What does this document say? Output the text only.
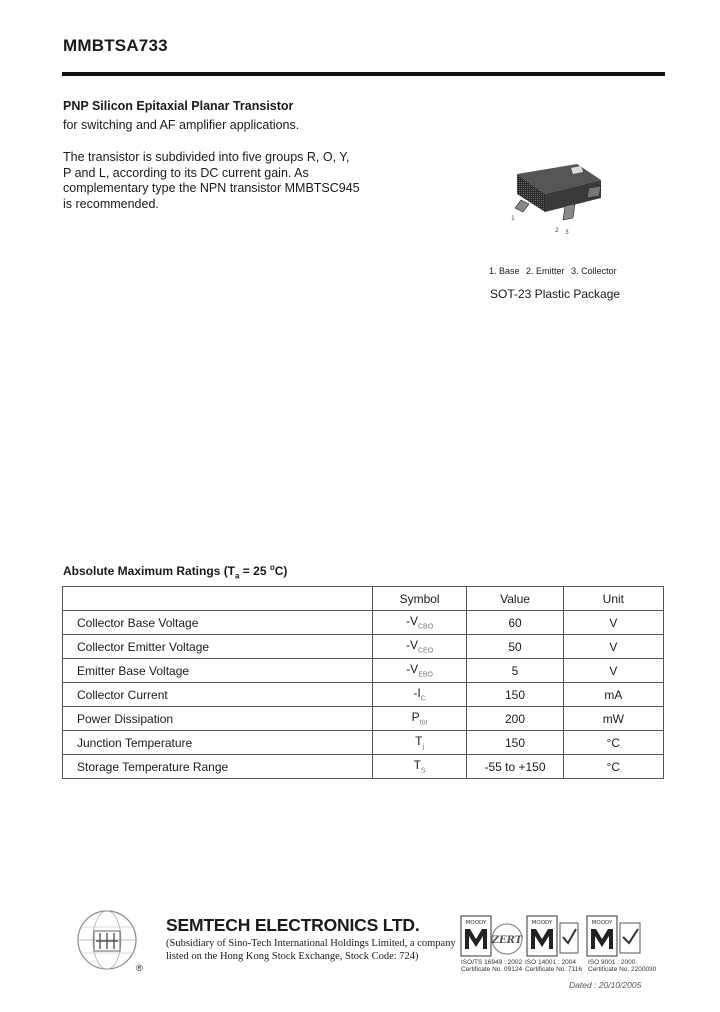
MMBTSA733
PNP Silicon Epitaxial Planar Transistor
for switching and AF amplifier applications.
The transistor is subdivided into five groups R, O, Y,
P and L, according to its DC current gain. As
complementary type the NPN transistor MMBTSC945
is recommended.
1
2 3
1. Base 2. Emitter 3. Collector
SOT-23 Plastic Package
Absolute Maximum Ratings ($T_a = 25$ $^o$C)
	Symbol	Value	Unit
Collector Base Voltage	$-V_{CBO}$	60	V
Collector Emitter Voltage	$-V_{CEO}$	50	V
Emitter Base Voltage	$-V_{EBO}$	5	V
Collector Current	$-I_C$	150	mA
Power Dissipation	$P_{tot}$	200	mW
Junction Temperature	$T_j$	150	°C
Storage Temperature Range	$T_S$	-55 to +150	°C
®
SEMTECH ELECTRONICS LTD.
(Subsidiary of Sino-Tech International Holdings Limited, a company
listed on the Hong Kong Stock Exchange, Stock Code: 724)
MOODY
ZERT
MOODY	MOODY
ISO/TS 16949 : 2002
Certificate No. 09124
ISO 14001 : 2004
Certificate No. 7116
ISO 9001 : 2000
Certificate No. 2200030
Dated : 20/10/2005
